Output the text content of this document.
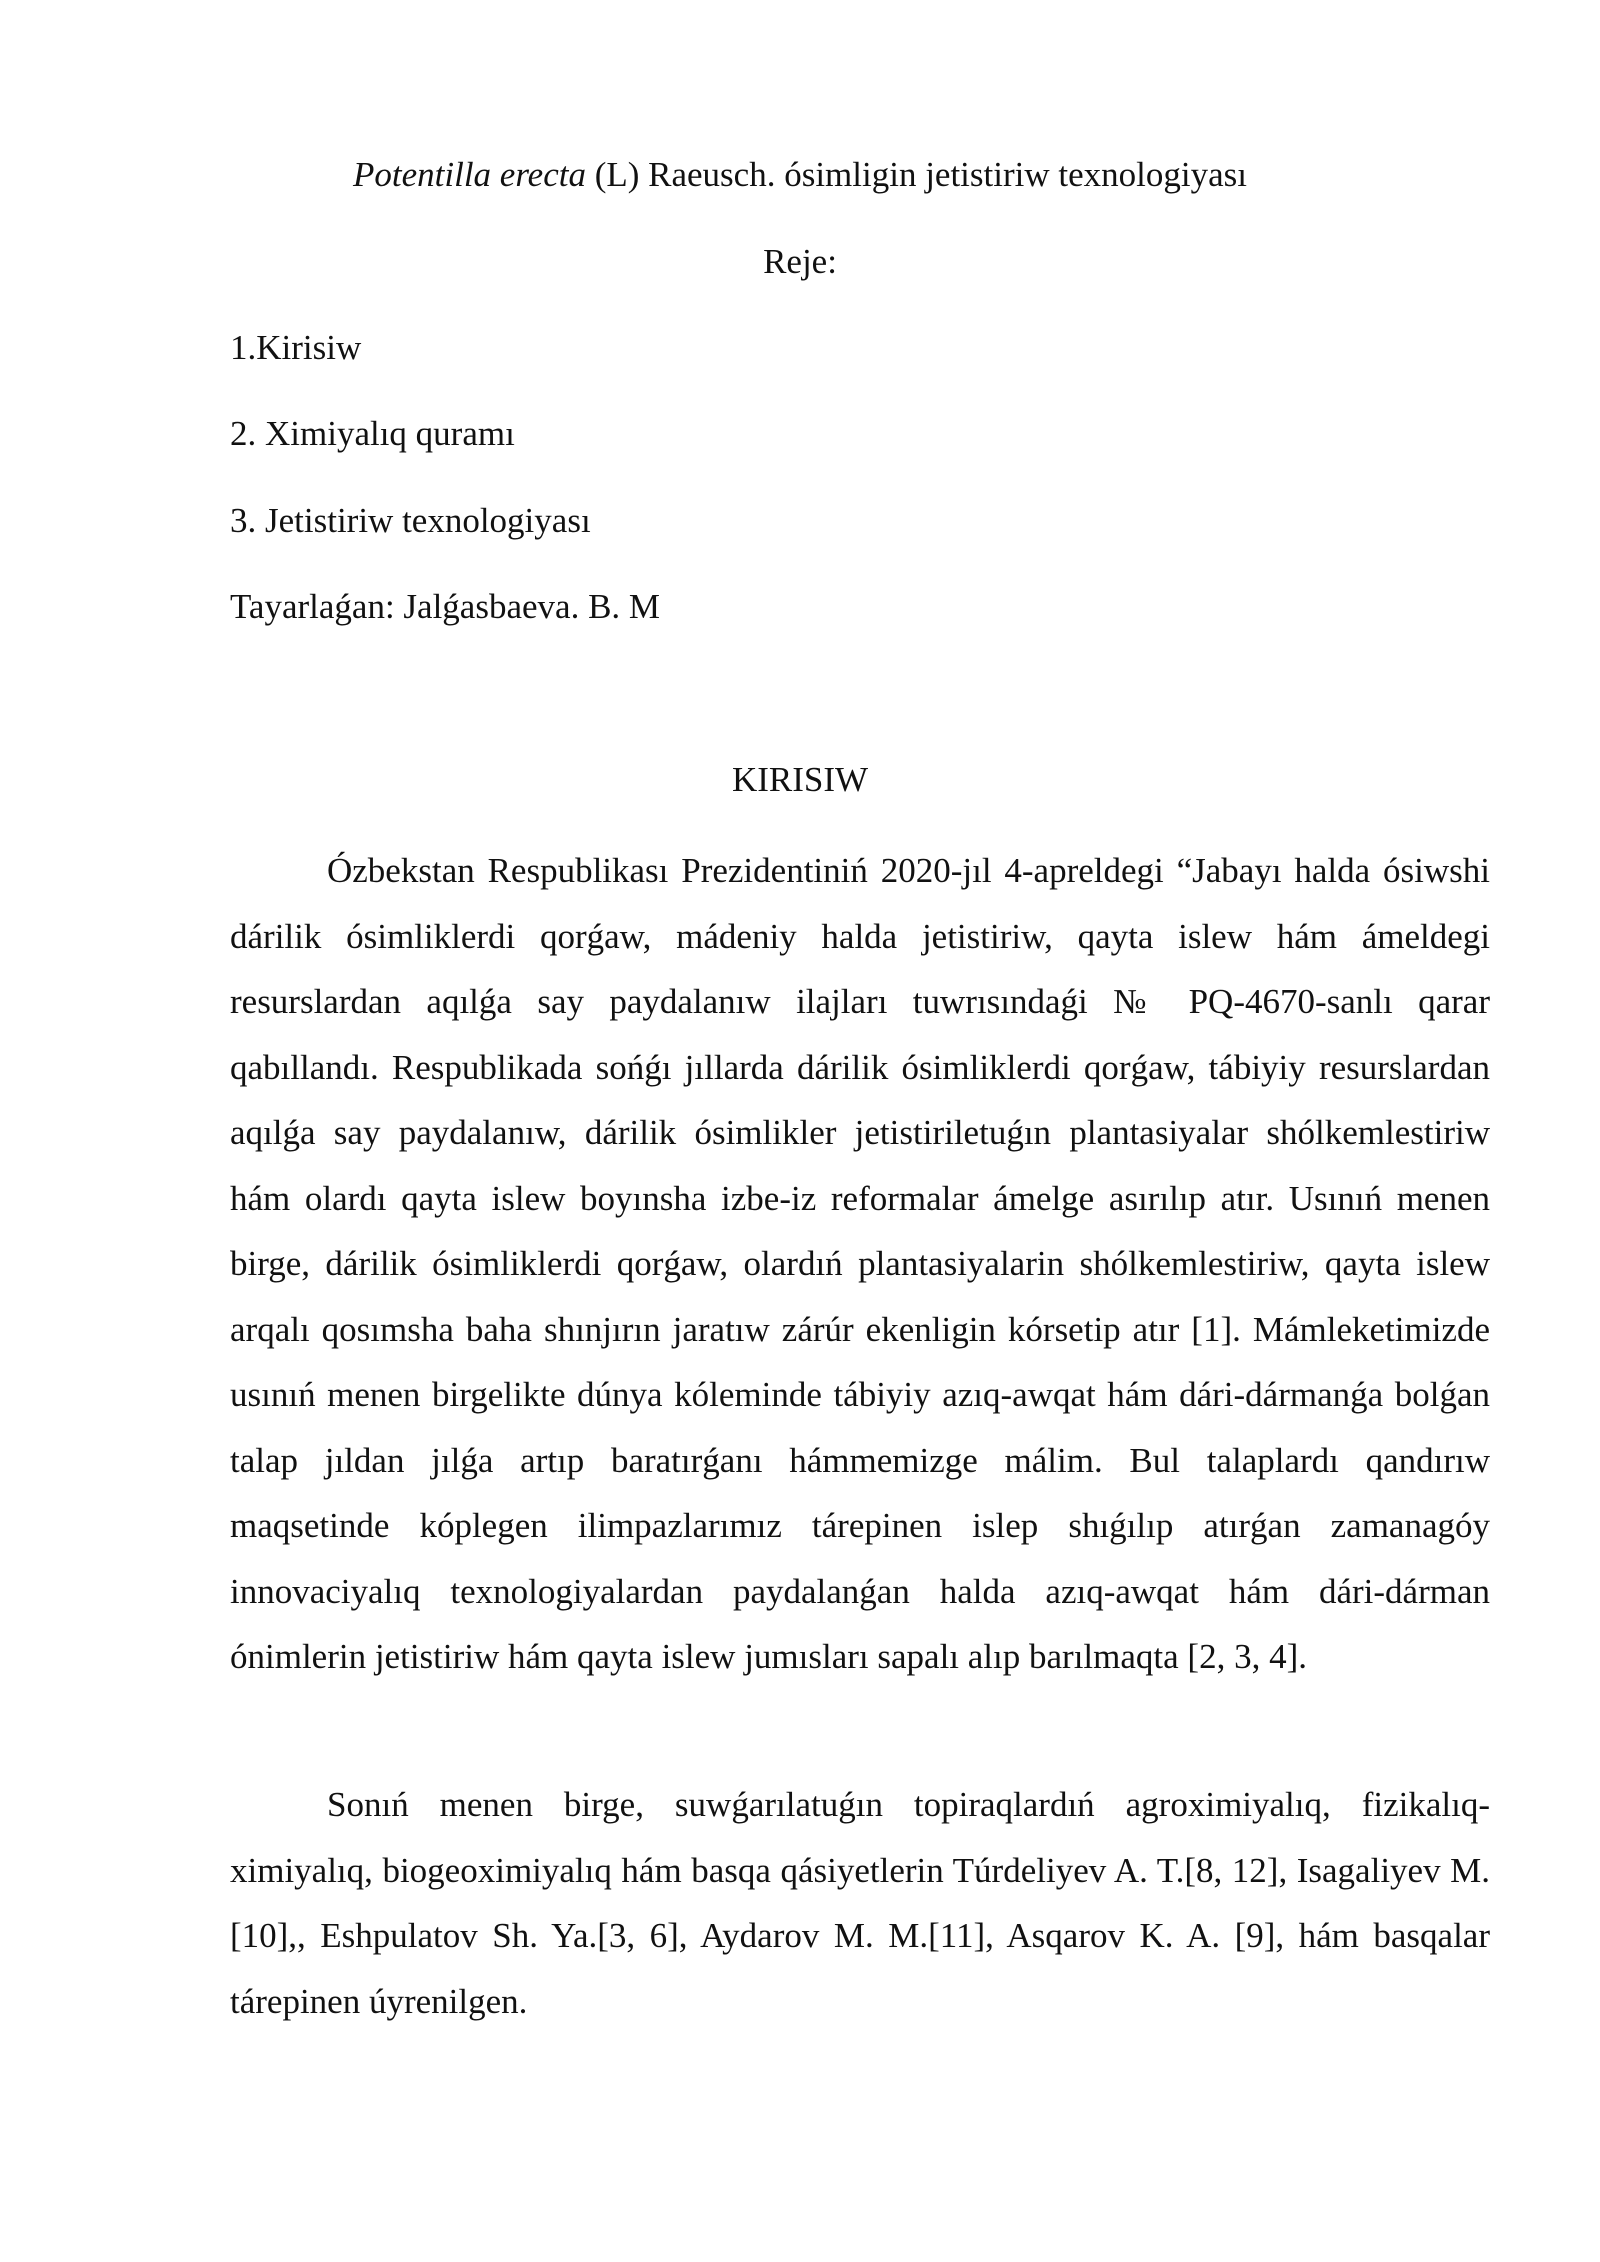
Potentilla erecta (L) Raeusch. ósimligin jetistiriw texnologiyası
Reje:
1.Kirisiw
2. Ximiyalıq quramı
3. Jetistiriw texnologiyası
Tayarlaǵan: Jalǵasbaeva. B. M
KIRISIW

Ózbekstan Respublikası Prezidentiniń 2020-jıl 4-apreldegi “Jabayı halda ósiwshi dárilik ósimliklerdi qorǵaw, mádeniy halda jetistiriw, qayta islew hám ámeldegi resurslardan aqılǵa say paydalanıw ilajları tuwrısındaǵi № PQ-4670-sanlı qarar qabıllandı. Respublikada sońǵı jıllarda dárilik ósimliklerdi qorǵaw, tábiyiy resurslardan aqılǵa say paydalanıw, dárilik ósimlikler jetistiriletuǵın plantasiyalar shólkemlestiriw hám olardı qayta islew boyınsha izbe-iz reformalar ámelge asırılıp atır. Usınıń menen birge, dárilik ósimliklerdi qorǵaw, olardıń plantasiyalarin shólkemlestiriw, qayta islew arqalı qosımsha baha shınjırın jaratıw zárúr ekenligin kórsetip atır [1]. Mámleketimizde usınıń menen birgelikte dúnya kóleminde tábiyiy azıq-awqat hám dári-dármanǵa bolǵan talap jıldan jılǵa artıp baratırǵanı hámmemizge málim. Bul talaplardı qandırıw maqsetinde kóplegen ilimpazlarımız tárepinen islep shıǵılıp atırǵan zamanagóy innovaciyalıq texnologiyalardan paydalanǵan halda azıq-awqat hám dári-dárman ónimlerin jetistiriw hám qayta islew jumısları sapalı alıp barılmaqta [2, 3, 4].

Sonıń menen birge, suwǵarılatuǵın topiraqlardıń agroximiyalıq, fizikalıq-ximiyalıq, biogeoximiyalıq hám basqa qásiyetlerin Túrdeliyev A. T.[8, 12], Isagaliyev M.[10],, Eshpulatov Sh. Ya.[3, 6], Aydarov M. M.[11], Asqarov K. A. [9], hám basqalar tárepinen úyrenilgen.
